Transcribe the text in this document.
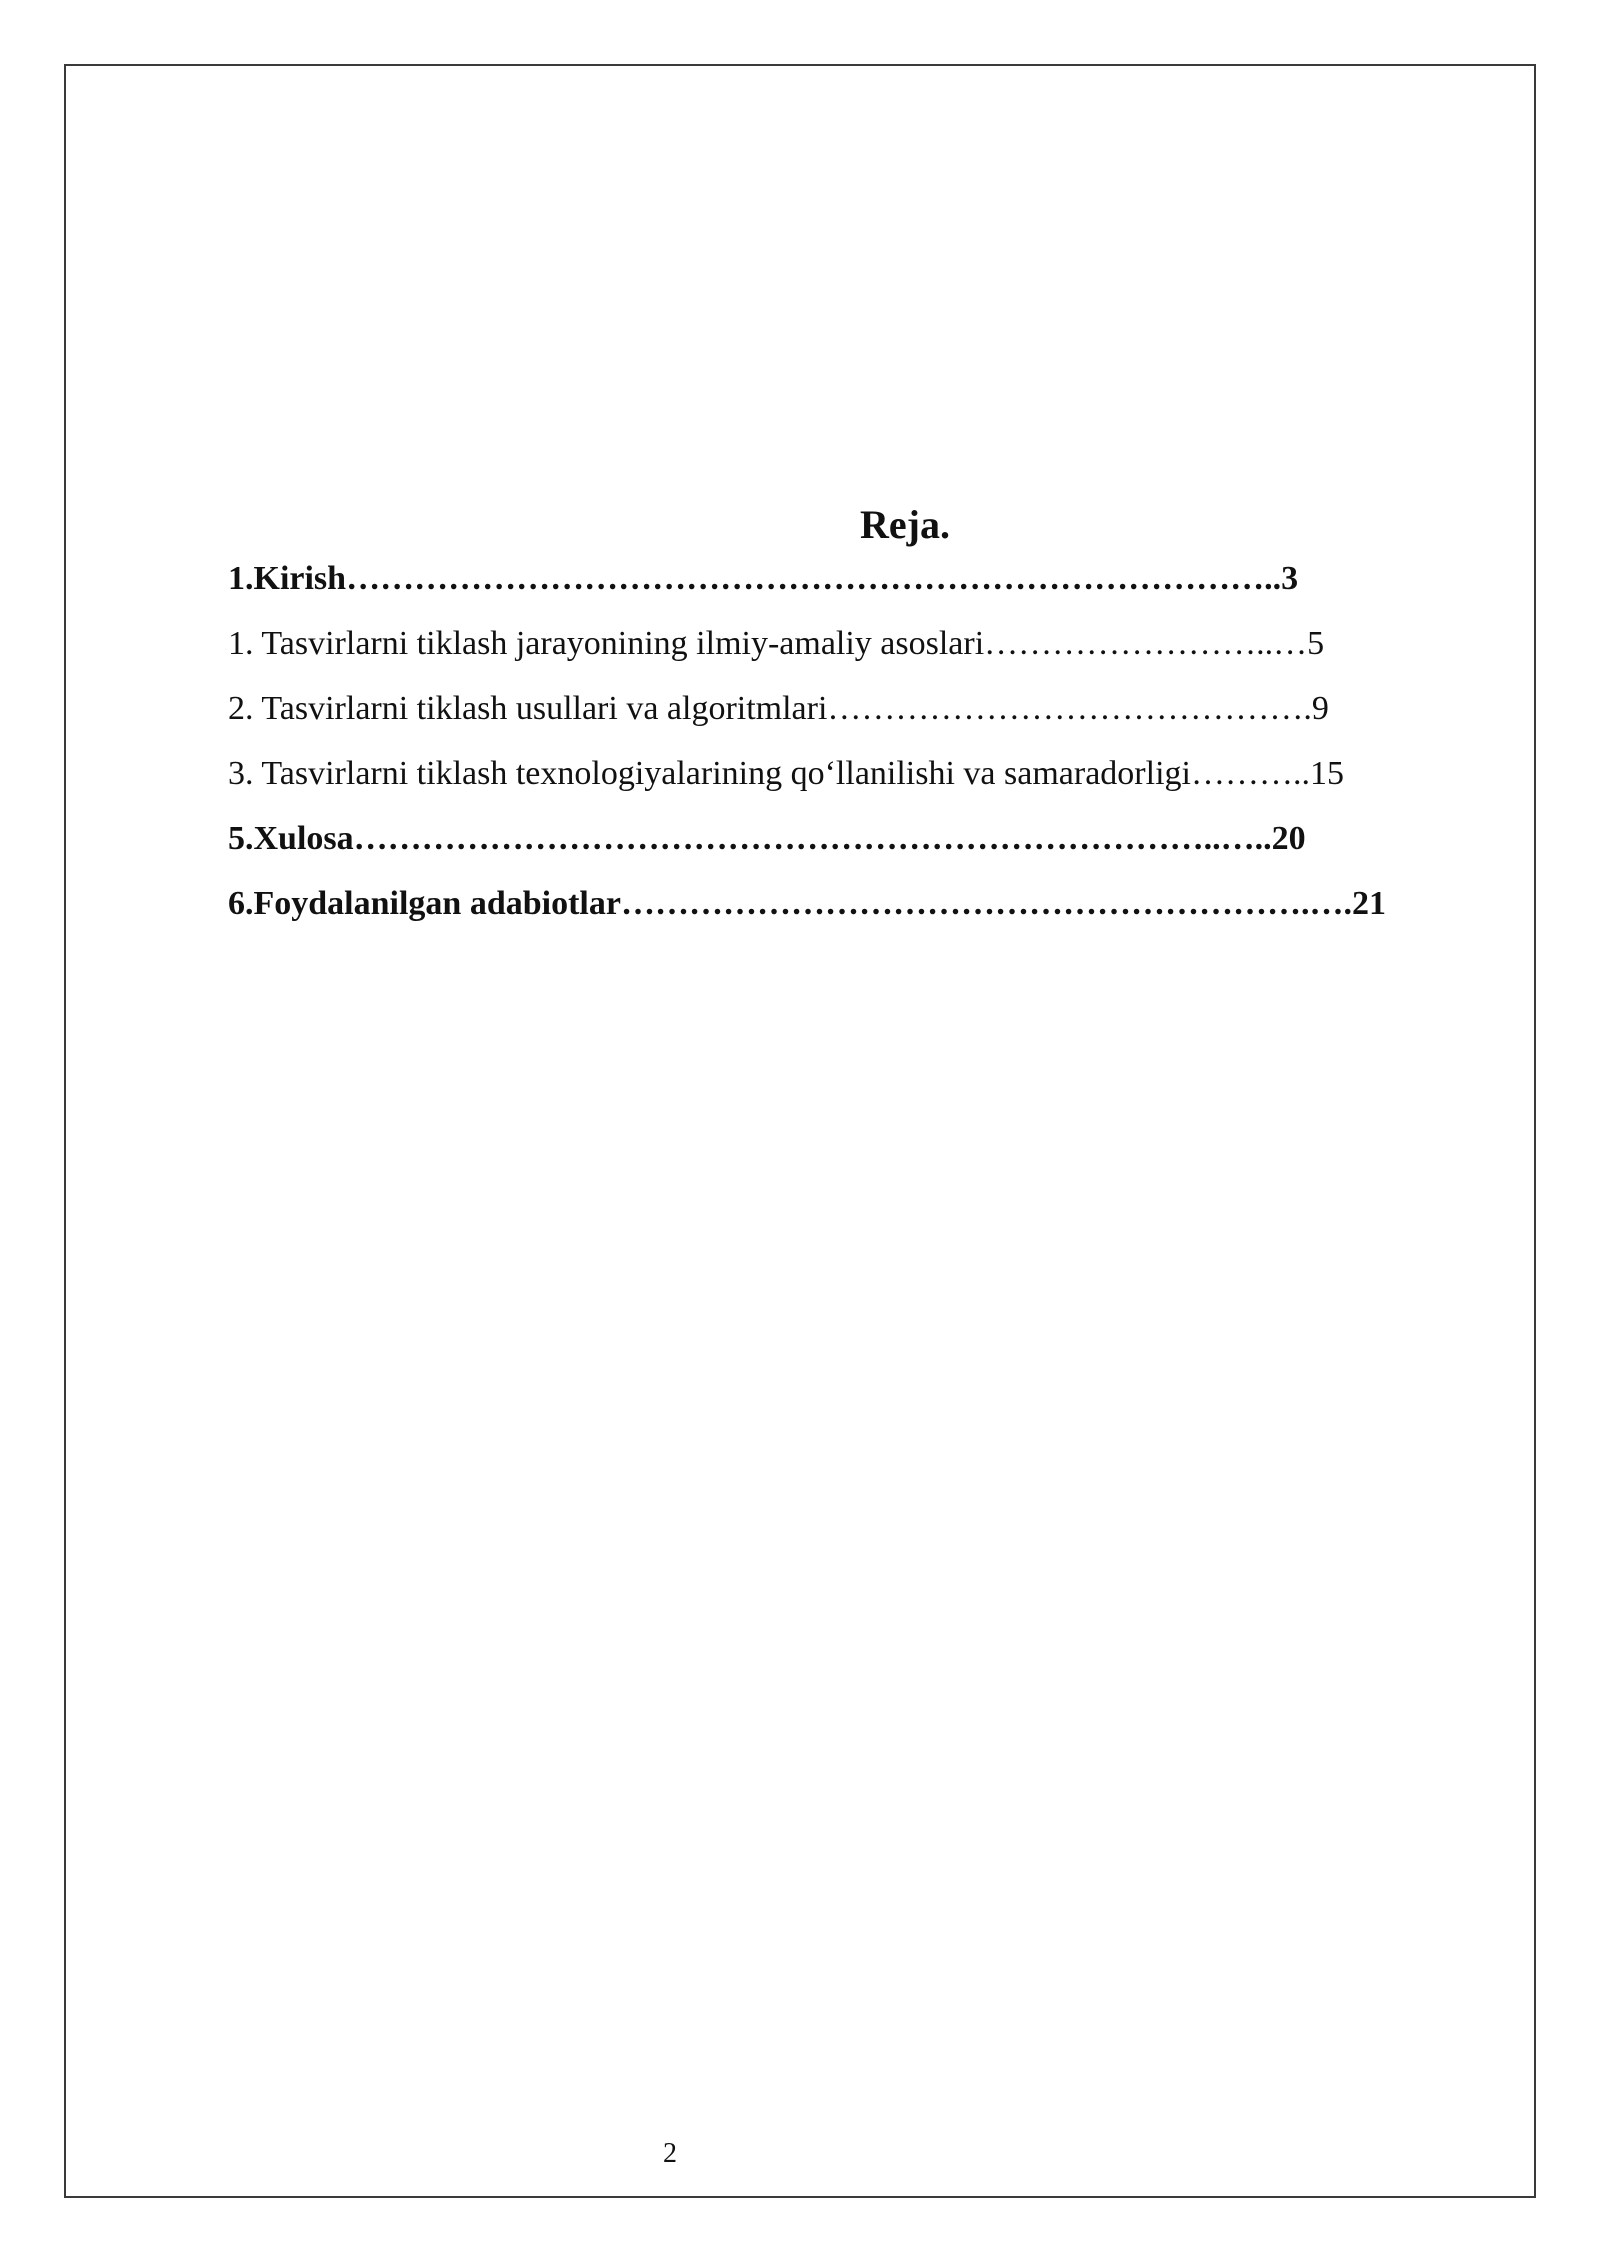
Reja.
1.Kirish………………………………………………………………………..3
1. Tasvirlarni tiklash jarayonining ilmiy-amaliy asoslari……………………..…5
2. Tasvirlarni tiklash usullari va algoritmlari…………………………………….9
3. Tasvirlarni tiklash texnologiyalarining qo‘llanilishi va samaradorligi………..15
5.Xulosa…………………………………………………………………..…..20
6.Foydalanilgan adabiotlar…………………………………………………….….21
2
